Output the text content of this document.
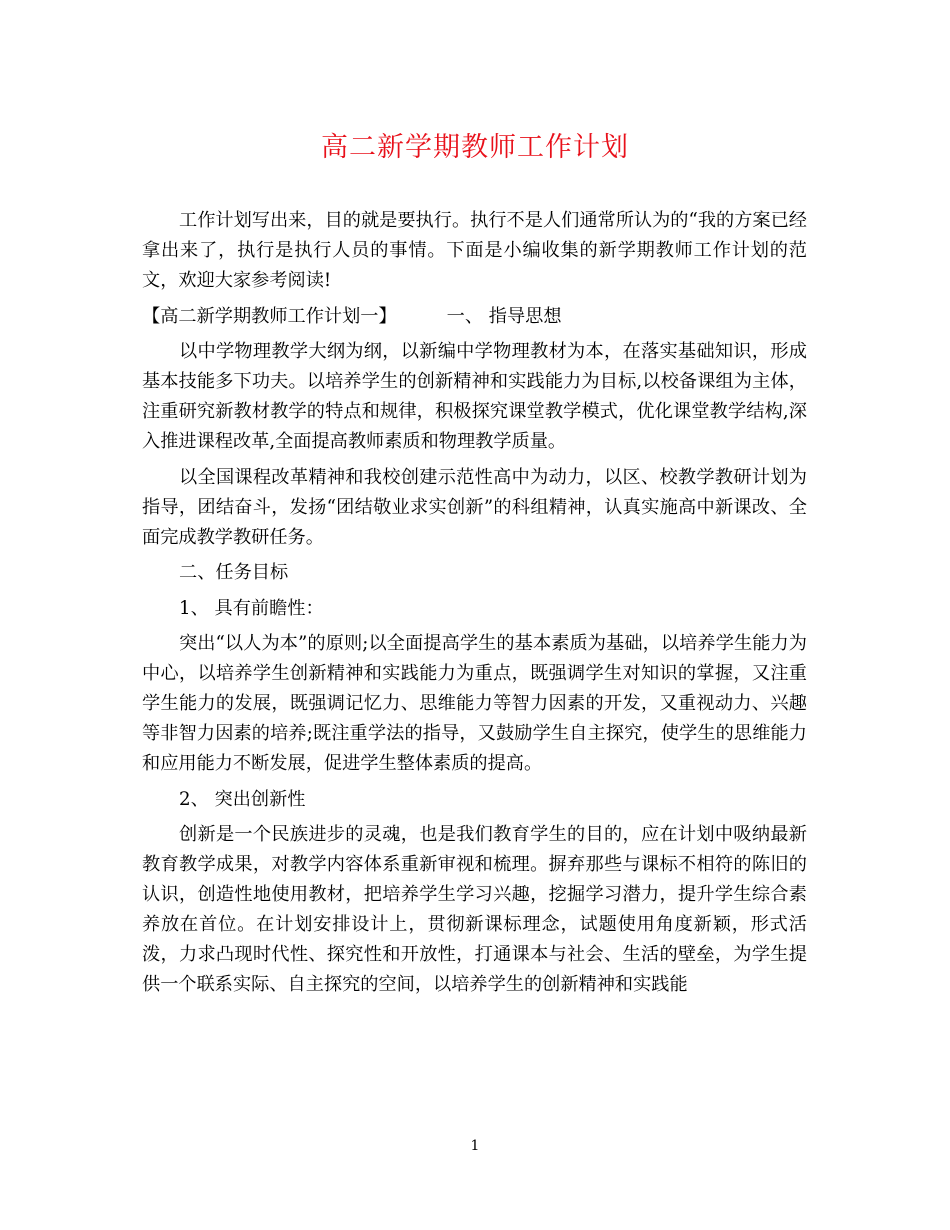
高二新学期教师工作计划

工作计划写出来，目的就是要执行。执行不是人们通常所认为的“我的方案已经拿出来了，执行是执行人员的事情。下面是小编收集的新学期教师工作计划的范文，欢迎大家参考阅读!

【高二新学期教师工作计划一】	一、 指导思想

以中学物理教学大纲为纲，以新编中学物理教材为本，在落实基础知识，形成基本技能多下功夫。以培养学生的创新精神和实践能力为目标,以校备课组为主体，注重研究新教材教学的特点和规律，积极探究课堂教学模式，优化课堂教学结构,深入推进课程改革,全面提高教师素质和物理教学质量。

以全国课程改革精神和我校创建示范性高中为动力，以区、校教学教研计划为指导，团结奋斗，发扬“团结敬业求实创新”的科组精神，认真实施高中新课改、全面完成教学教研任务。

二、任务目标

1、 具有前瞻性：

突出“以人为本”的原则;以全面提高学生的基本素质为基础，以培养学生能力为中心，以培养学生创新精神和实践能力为重点，既强调学生对知识的掌握，又注重学生能力的发展，既强调记忆力、思维能力等智力因素的开发，又重视动力、兴趣等非智力因素的培养;既注重学法的指导，又鼓励学生自主探究，使学生的思维能力和应用能力不断发展，促进学生整体素质的提高。

2、 突出创新性

创新是一个民族进步的灵魂，也是我们教育学生的目的，应在计划中吸纳最新教育教学成果，对教学内容体系重新审视和梳理。摒弃那些与课标不相符的陈旧的认识，创造性地使用教材，把培养学生学习兴趣，挖掘学习潜力，提升学生综合素养放在首位。在计划安排设计上，贯彻新课标理念，试题使用角度新颖，形式活泼，力求凸现时代性、探究性和开放性，打通课本与社会、生活的壁垒，为学生提供一个联系实际、自主探究的空间，以培养学生的创新精神和实践能

1
